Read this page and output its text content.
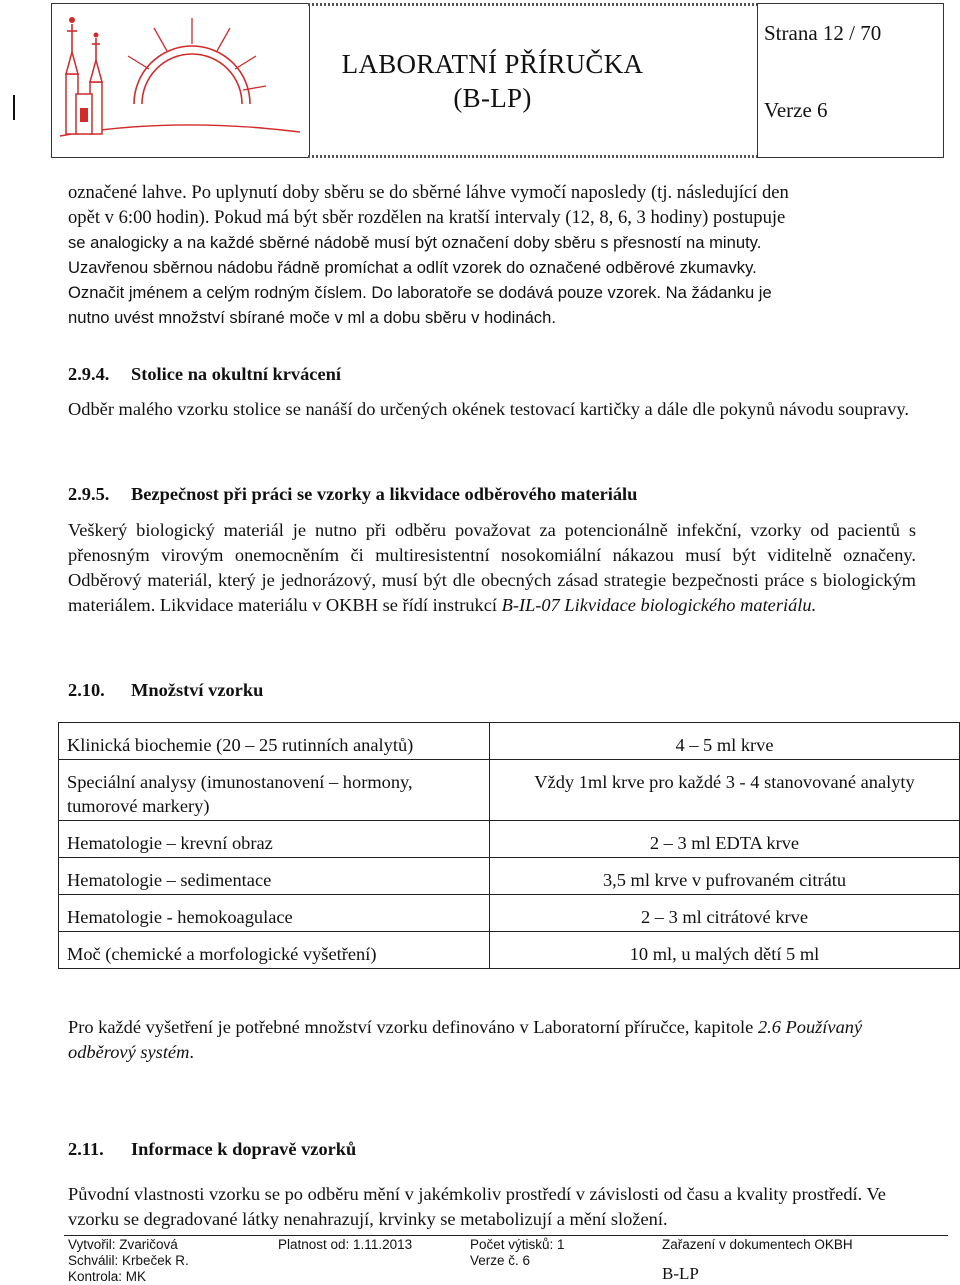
LABORATNÍ PŘÍRUČKA
(B-LP)
Strana 12 / 70
Verze 6
označené lahve. Po uplynutí doby sběru se do sběrné láhve vymočí naposledy (tj. následující den
opět v 6:00 hodin). Pokud má být sběr rozdělen na kratší intervaly (12, 8, 6, 3 hodiny) postupuje
se analogicky a na každé sběrné nádobě musí být označení doby sběru s přesností na minuty.
Uzavřenou sběrnou nádobu řádně promíchat a odlít vzorek do označené odběrové zkumavky.
Označit jménem a celým rodným číslem. Do laboratoře se dodává pouze vzorek. Na žádanku je
nutno uvést množství sbírané moče v ml a dobu sběru v hodinách.
2.9.4. Stolice na okultní krvácení

Odběr malého vzorku stolice se nanáší do určených okének testovací kartičky a dále dle pokynů návodu soupravy.

2.9.5. Bezpečnost při práci se vzorky a likvidace odběrového materiálu

Veškerý biologický materiál je nutno při odběru považovat za potencionálně infekční, vzorky od pacientů s přenosným virovým onemocněním či multiresistentní nosokomiální nákazou musí být viditelně označeny. Odběrový materiál, který je jednorázový, musí být dle obecných zásad strategie bezpečnosti práce s biologickým materiálem. Likvidace materiálu v OKBH se řídí instrukcí B-IL-07 Likvidace biologického materiálu.

2.10. Množství vzorku
Klinická biochemie (20 – 25 rutinních analytů)	4 – 5 ml krve
Speciální analysy (imunostanovení – hormony, tumorové markery)	Vždy 1ml krve pro každé 3 - 4 stanovované analyty
Hematologie – krevní obraz	2 – 3 ml EDTA krve
Hematologie – sedimentace	3,5 ml krve v pufrovaném citrátu
Hematologie - hemokoagulace	2 – 3 ml citrátové krve
Moč (chemické a morfologické vyšetření)	10 ml, u malých dětí 5 ml

Pro každé vyšetření je potřebné množství vzorku definováno v Laboratorní příručce, kapitole 2.6 Používaný odběrový systém.

2.11. Informace k dopravě vzorků

Původní vlastnosti vzorku se po odběru mění v jakémkoliv prostředí v závislosti od času a kvality prostředí. Ve vzorku se degradované látky nenahrazují, krvinky se metabolizují a mění složení.

Vytvořil: Zvaričová
Schválil: Krbeček R.
Kontrola: MK
Platnost od: 1.11.2013	Počet výtisků: 1
Verze č. 6
Zařazení v dokumentech OKBH
B-LP
